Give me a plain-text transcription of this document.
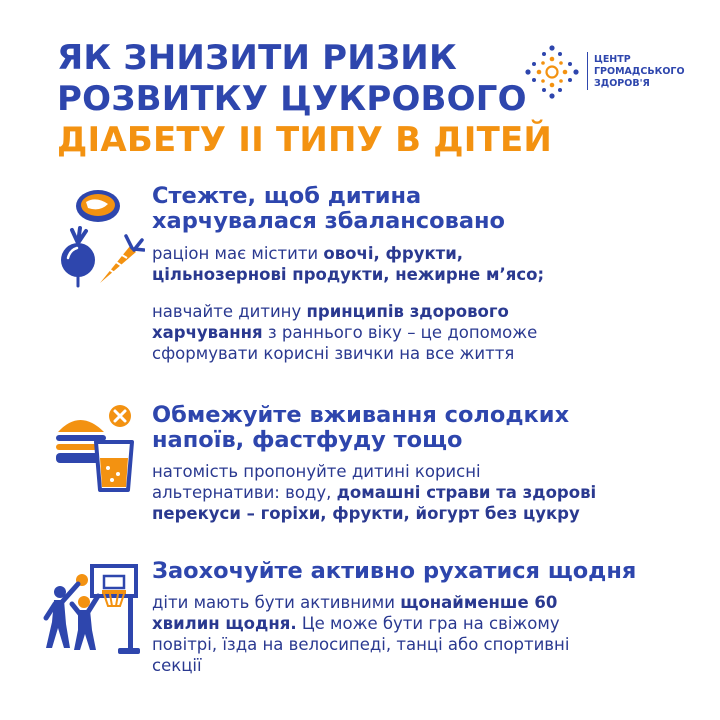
ЯК ЗНИЗИТИ РИЗИК
РОЗВИТКУ ЦУКРОВОГО
ДІАБЕТУ ІІ ТИПУ В ДІТЕЙ
ЦЕНТР
ГРОМАДСЬКОГО
ЗДОРОВ'Я
Стежте, щоб дитина
харчувалася збалансовано
раціон має містити овочі, фрукти,
цільнозернові продукти, нежирне м’ясо;
навчайте дитину принципів здорового
харчування з раннього віку – це допоможе
сформувати корисні звички на все життя
Обмежуйте вживання солодких
напоїв, фастфуду тощо
натомість пропонуйте дитині корисні
альтернативи: воду, домашні страви та здорові
перекуси – горіхи, фрукти, йогурт без цукру
Заохочуйте активно рухатися щодня
діти мають бути активними щонайменше 60
хвилин щодня. Це може бути гра на свіжому
повітрі, їзда на велосипеді, танці або спортивні
секції
